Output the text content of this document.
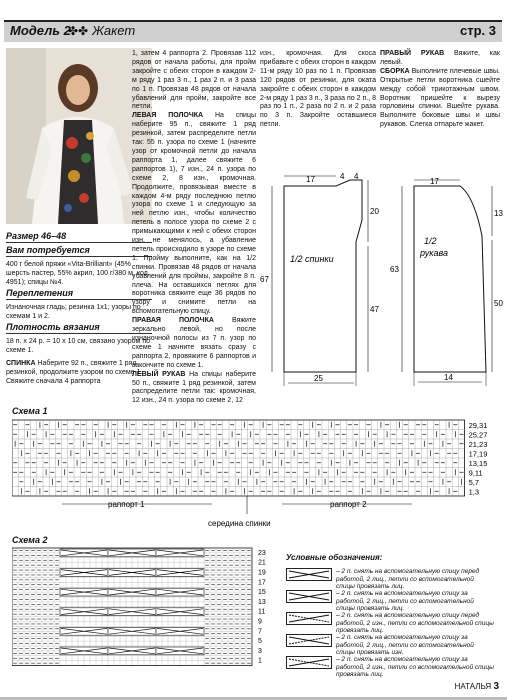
Модель 2
✤✤ Жакет	стр. 3
Размер 46–48
Вам потребуется
400 г белой пряжи «Vita-Brilliant» (45% шерсть пастер, 55% акрил, 100 г/380 м, код 4951); спицы №4.
Переплетения
Изнаночная гладь; резинка 1х1; узоры по схемам 1 и 2.
Плотность вязания
18 п. х 24 р. = 10 х 10 см, связано узором по схеме 1.
СПИНКА Наберите 92 п., свяжите 1 ряд резинкой, продолжите узором по схеме 1. Свяжите сначала 4 раппорта
1, затем 4 раппорта 2. Провязав 112 рядов от начала работы, для пройм закройте с обеих сторон в каждом 2-м ряду 1 раз 3 п., 1 раз 2 п. и 3 раза по 1 п. Провязав 48 рядов от начала убавлений для пройм, закройте все петли.
ЛЕВАЯ ПОЛОЧКА На спицы наберите 95 п., свяжите 1 ряд резинкой, затем распределите петли так: 55 п. узора по схеме 1 (начните узор от кромочной петли до начала раппорта 1, далее свяжите 6 раппортов 1), 7 изн., 24 п. узора по схеме 2, 8 изн., кромочная. Продолжите, провязывая вместе в каждом 4-м ряду последнюю петлю узора по схеме 1 и следующую за ней петлю изн., чтобы количество петель в полосе узора по схеме 2 с примыкающими к ней с обеих сторон изн. не менялось, а убавление петель происходило в узоре по схеме 1. Пройму выполните, как на 1/2 спинки. Провязав 48 рядов от начала убавлений для проймы, закройте 8 п. плеча. На оставшихся петлях для воротника свяжите еще 36 рядов по узору и снимите петли на вспомогательную спицу.
ПРАВАЯ ПОЛОЧКА Вяжите зеркально левой, но после изнаночной полосы из 7 п. узор по схеме 1 начните вязать сразу с раппорта 2, провяжите 6 раппортов и закончите по схеме 1.
ЛЕВЫЙ РУКАВ На спицы наберите 50 п., свяжите 1 ряд резинкой, затем распределите петли так: кромочная, 12 изн., 24 п. узора по схеме 2, 12
изн., кромочная. Для скоса прибавьте с обеих сторон в каждом 11-м ряду 10 раз по 1 п. Провязав 120 рядов от резинки, для оката закройте с обеих сторон в каждом 2-м ряду 1 раз 3 п., 3 раза по 2 п., 8 раз по 1 п., 2 раза по 2 п. и 2 раза по 3 п. Закройте оставшиеся петли.
ПРАВЫЙ РУКАВ Вяжите, как левый.
СБОРКА Выполните плечевые швы. Открытые петли воротника сшейте между собой трикотажным швом. Воротник пришейте к вырезу горловины спинки. Вшейте рукава. Выполните боковые швы и швы рукавов. Слегка отпарьте жакет.
17	4 4
67
20
47
25
1/2 спинки
17
63
13
50
14
1/2
рукава
Схема 1
29,31
25,27
21,23
17,19
13,15
9,11
5,7
1,3
раппорт 1	раппорт 2
середина спинки
Схема 2
23
21
19
17
15
13
11
9
7
5
3
1
Условные обозначения:
– 2 п. снять на вспомогательную спицу перед работой, 2 лиц., петли со вспомогательной спицы провязать лиц.
– 2 п. снять на вспомогательную спицу за работой, 2 лиц., петли со вспомогательной спицы провязать лиц.
– 2 п. снять на вспомогательную спицу перед работой, 2 изн., петли со вспомогательной спицы провязать лиц.
– 2 п. снять на вспомогательную спицу за работой, 2 лиц., петли со вспомогательной спицы провязать изн.
– 2 п. снять на вспомогательную спицу за работой, 2 изн., петли со вспомогательной спицы провязать лиц.
НАТАЛЬЯ 3
